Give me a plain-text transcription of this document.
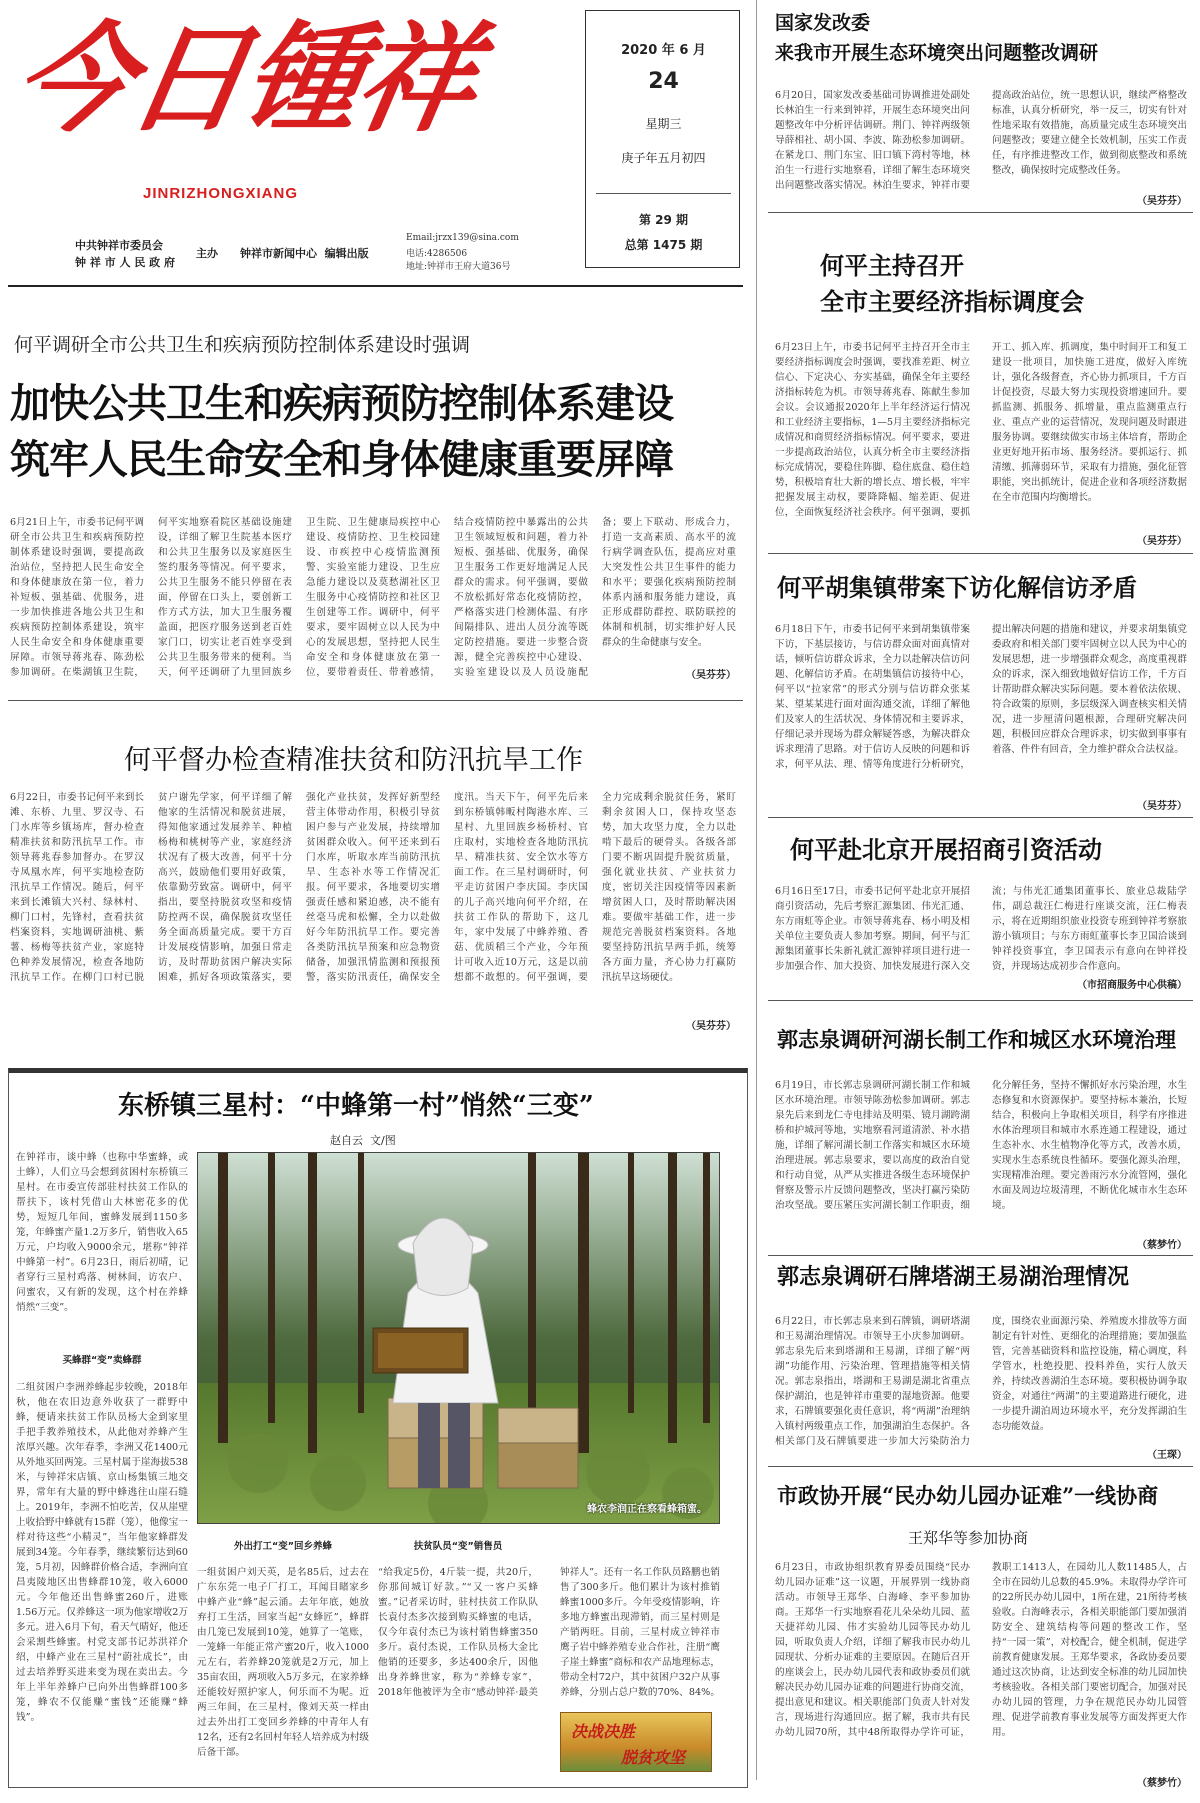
今日锺祥
JINRIZHONGXIANG
中共钟祥市委员会
钟 祥 市 人 民 政 府
主办 钟祥市新闻中心  编辑出版
Email:jrzx139@sina.com
电话:4286506
地址:钟祥市王府大道36号
2020 年 6 月
24
星期三
庚子年五月初四
第 29 期
总第 1475 期
何平调研全市公共卫生和疾病预防控制体系建设时强调
加快公共卫生和疾病预防控制体系建设
筑牢人民生命安全和身体健康重要屏障
6月21日上午，市委书记何平调研全市公共卫生和疾病预防控制体系建设时强调，要提高政治站位，坚持把人民生命安全和身体健康放在第一位，着力补短板、强基础、优服务，进一步加快推进各地公共卫生和疾病预防控制体系建设，筑牢人民生命安全和身体健康重要屏障。市领导蒋兆春、陈劲松参加调研。在柴湖镇卫生院，何平实地察看院区基础设施建设，详细了解卫生院基本医疗和公共卫生服务以及家庭医生签约服务等情况。何平要求，公共卫生服务不能只停留在表面，停留在口头上，要创新工作方式方法，加大卫生服务覆盖面，把医疗服务送到老百姓家门口，切实让老百姓享受到公共卫生服务带来的便利。当天，何平还调研了九里回族乡卫生院、卫生健康局疾控中心建设、疫情防控、卫生校园建设、市疾控中心疫情监测预警、实验室能力建设、卫生应急能力建设以及莫愁湖社区卫生服务中心疫情防控和社区卫生创建等工作。调研中，何平要求，要牢固树立以人民为中心的发展思想，坚持把人民生命安全和身体健康放在第一位，要带着责任、带着感情，结合疫情防控中暴露出的公共卫生领域短板和问题，着力补短板、强基础、优服务，确保卫生服务工作更好地满足人民群众的需求。何平强调，要做不放松抓好常态化疫情防控，严格落实进门检测体温、有序间隔排队、进出人员分流等既定防控措施。要进一步整合资源，健全完善疾控中心建设、实验室建设以及人员设施配备；要上下联动、形成合力，打造一支高素质、高水平的流行病学调查队伍，提高应对重大突发性公共卫生事件的能力和水平；要强化疾病预防控制体系内涵和服务能力建设，真正形成群防群控、联防联控的体制和机制，切实维护好人民群众的生命健康与安全。
（吴芬芬）
何平督办检查精准扶贫和防汛抗旱工作
6月22日，市委书记何平来到长滩、东桥、九里、罗汉寺、石门水库等乡镇场库，督办检查精准扶贫和防汛抗旱工作。市领导蒋兆春参加督办。在罗汉寺凤凰水库，何平实地检查防汛抗旱工作情况。随后，何平来到长滩镇大兴村、绿林村、柳门口村，先锋村，查看扶贫档案资料，实地调研油桃、紫薯、杨梅等扶贫产业，家庭特色种养发展情况，检查各地防汛抗旱工作。在柳门口村已脱贫户谢先学家，何平详细了解他家的生活情况和脱贫进展，得知他家通过发展养羊、种植杨梅和桃树等产业，家庭经济状况有了极大改善，何平十分高兴，鼓励他们要用好政策，依靠勤劳致富。调研中，何平指出，要坚持脱贫攻坚和疫情防控两不误，确保脱贫攻坚任务全面高质量完成。要干方百计发展疫情影响，加强日常走访，及时帮助贫困户解决实际困难，抓好各项政策落实，要强化产业扶贫，发挥好新型经营主体带动作用，积极引导贫困户参与产业发展，持续增加贫困群众收入。何平还来到石门水库，听取水库当前防汛抗旱、生态补水等工作情况汇报。何平要求，各地要切实增强责任感和紧迫感，决不能有丝毫马虎和松懈，全力以赴做好今年防汛抗旱工作。要完善各类防汛抗旱预案和应急物资储备，加强汛情监测和预报预警，落实防汛责任，确保安全度汛。当天下午，何平先后来到东桥镇韩畈村陶港水库、三星村、九里回族乡杨桥村、官庄取村，实地检查各地防汛抗旱、精准扶贫、安全饮水等方面工作。在三星村调研时，何平走访贫困户李庆国。李庆国的儿子高兴地向何平介绍，在扶贫工作队的帮助下，这几年，家中发展了中蜂养殖、香菇、优质稻三个产业，今年预计可收入近10万元，这是以前想都不敢想的。何平强调，要全力完成剩余脱贫任务，紧盯剩余贫困人口，保持攻坚态势，加大攻坚力度，全力以赴啃下最后的硬骨头。各级各部门要不断巩固提升脱贫质量，强化就业扶贫、产业扶贫力度，密切关注因疫情等因素新增贫困人口，及时帮助解决困难。要做牢基础工作，进一步规范完善脱贫档案资料。各地要坚持防汛抗旱两手抓，统筹各方面力量，齐心协力打赢防汛抗旱这场硬仗。
（吴芬芬）
东桥镇三星村：“中蜂第一村”悄然“三变”
赵自云  文/图
在钟祥市，谈中蜂（也称中华蜜蜂，或土蜂），人们立马会想到贫困村东桥镇三星村。在市委宣传部驻村扶贫工作队的帮扶下，该村凭借山大林密花多的优势，短短几年间，蜜蜂发展到1150多笼，年蜂蜜产量1.2万多斤，销售收入65万元，户均收入9000余元，堪称“钟祥中蜂第一村”。6月23日，雨后初晴，记者穿行三星村鸡落、树林间，访农户、问蜜农，又有新的发现，这个村在养蜂悄然“三变”。
买蜂群“变”卖蜂群
二组贫困户李洲养蜂起步较晚，2018年秋，他在农旧边意外收获了一群野中蜂，便请来扶贫工作队员杨大金到家里手把手教养殖技术，从此他对养蜂产生浓厚兴趣。次年春季，李洲又花1400元从外地买回两笼。三星村属于崖海拔538米，与钟祥宋店镇、京山杨集镇三地交界，常年有大量的野中蜂逃往山崖石缝上。2019年，李洲不怕吃苦，仅从崖壁上收拾野中蜂就有15群（笼），他像宝一样对待这些“小精灵”，当年他家蜂群发展到34笼。今年春季，继续繁衍达到60笼，5月初，因蜂群价格合适，李洲向宜昌夷陵地区出售蜂群10笼，收入6000元。今年他还出售蜂蜜260斤，进账1.56万元。仅养蜂这一项为他家增收2万多元。进入6月下旬，看天气晴好，他还会采割些蜂蜜。村党支部书记苏洪祥介绍，中蜂产业在三星村“蔚社成长”，由过去培养野买进来变为现在卖出去。今年上半年养蜂户已向外出售蜂群100多笼，蜂农不仅能赚“蜜钱”还能赚“蜂钱”。
蜂农李润正在察看蜂箱蜜。
外出打工“变”回乡养蜂
一组贫困户刘天英，是名85后，过去在广东东莞一电子厂打工，耳闻目睹家乡中蜂产业“蜂”起云涌。去年年底，她放弃打工生活，回家当起“女蜂匠”，蜂群由几笼已发展到10笼，她算了一笔账，一笼蜂一年能正常产蜜20斤，收入1000元左右，若养蜂20笼就是2万元，加上35亩农田，两项收入5万多元，在家养蜂还能较好照护家人，何乐而不为呢。近两三年间，在三星村，像刘天英一样由过去外出打工变回乡养蜂的中青年人有12名，还有2名回村年轻人培养成为村级后备干部。
扶贫队员“变”销售员
“给我定5份，4斤装一提，共20斤，你那间城订好款。”“又一客户买蜂蜜。”记者采访时，驻村扶贫工作队队长袁付杰多次接到购买蜂蜜的电话，仅今年袁付杰已为该村销售蜂蜜350多斤。袁付杰说，工作队员杨大金比他销的还要多，多达400余斤，因他出身养蜂世家，称为“养蜂专家”，2018年他被评为全市“感动钟祥·最美钟祥人”。还有一名工作队员路鹏也销售了300多斤。他们累计为该村推销蜂蜜1000多斤。今年受疫情影响，许多地方蜂蜜出现滞销，而三星村则是产销两旺。目前，三星村成立钟祥市鹰子岩中蜂养殖专业合作社，注册“鹰子崖土蜂蜜”商标和农产品地理标志，带动全村72户，其中贫困户32户从事养蜂，分别占总户数的70%、84%。
决战决胜
脱贫攻坚
国家发改委
来我市开展生态环境突出问题整改调研
6月20日，国家发改委基础司协调推进处副处长林泊生一行来到钟祥，开展生态环境突出问题整改年中分析评估调研。荆门、钟祥两级领导薛相社、胡小国、李波、陈劲松参加调研。在紧龙口、荆门东宝、旧口镇下湾村等地，林泊生一行进行实地察看，详细了解生态环境突出问题整改落实情况。林泊生要求，钟祥市要提高政治站位，统一思想认识，继续严格整改标准，认真分析研究，举一反三，切实有针对性地采取有效措施，高质量完成生态环境突出问题整改；要建立健全长效机制，压实工作责任，有序推进整改工作，做到彻底整改和系统整改，确保按时完成整改任务。
（吴芬芬）
何平主持召开
全市主要经济指标调度会
6月23日上午，市委书记何平主持召开全市主要经济指标调度会时强调，要找准差距、树立信心、下定决心、夯实基础，确保全年主要经济指标转危为机。市领导蒋兆春、陈献生参加会议。会议通报2020年上半年经济运行情况和工业经济主要指标，1—5月主要经济指标完成情况和商贸经济指标情况。何平要求，要进一步提高政治站位，认真分析全市主要经济指标完成情况，要稳住阵脚、稳住底盘、稳住趋势，积极培育壮大新的增长点、增长极，牢牢把握发展主动权，要降降幅、缩差距、促进位，全面恢复经济社会秩序。何平强调，要抓开工、抓入库、抓调度，集中时间开工和复工建设一批项目，加快施工进度，做好入库统计，强化各级督查，齐心协力抓项目，千方百计促投资，尽最大努力实现投资增速回升。要抓监测、抓服务、抓增量，重点监测重点行业、重点产业的运营情况，发现问题及时跟进服务协调。要继续做实市场主体培育，帮助企业更好地开拓市场、服务经济。要抓运行、抓清缴、抓薄弱环节，采取有力措施，强化征管职能，突出抓统计，促进企业和各项经济数据在全市范围内均衡增长。
（吴芬芬）
何平胡集镇带案下访化解信访矛盾
6月18日下午，市委书记何平来到胡集镇带案下访，下基层接访，与信访群众面对面真情对话，倾听信访群众诉求，全力以赴解决信访问题、化解信访矛盾。在胡集镇信访接待中心，何平以“拉家常”的形式分别与信访群众张某某、望某某进行面对面沟通交流，详细了解他们及家人的生活状况、身体情况和主要诉求，仔细记录并现场为群众解疑答惑，为解决群众诉求理清了思路。对于信访人反映的问题和诉求，何平从法、理、情等角度进行分析研究，提出解决问题的措施和建议，并要求胡集镇党委政府和相关部门要牢固树立以人民为中心的发展思想，进一步增强群众观念，高度重视群众的诉求，深入细致地做好信访工作，千方百计帮助群众解决实际问题。要本着依法依规、符合政策的原则，多层级深入调查核实相关情况，进一步厘清问题根源，合理研究解决问题，积极回应群众合理诉求，切实做到事事有着落、件件有回音，全力维护群众合法权益。
（吴芬芬）
何平赴北京开展招商引资活动
6月16日至17日，市委书记何平赴北京开展招商引资活动，先后考察汇源集团、伟光汇通、东方雨虹等企业。市领导蒋兆春、杨小明及相关单位主要负责人参加考察。期间，何平与汇源集团董事长朱新礼就汇源钟祥项目进行进一步加强合作、加大投资、加快发展进行深入交流；与伟光汇通集团董事长、旅业总裁陆学伟，副总裁汪仁梅进行座谈交流，汪仁梅表示，将在近期组织旅业投资专班到钟祥考察旅游小镇项目；与东方雨虹董事长李卫国洽谈到钟祥投资事宜，李卫国表示有意向在钟祥投资，并现场达成初步合作意向。
（市招商服务中心供稿）
郭志泉调研河湖长制工作和城区水环境治理
6月19日，市长郭志泉调研河湖长制工作和城区水环境治理。市领导陈劲松参加调研。郭志泉先后来到龙仁寺电排站及明渠、镜月湖跨湖桥和护城河等地，实地察看河道清淤、补水措施，详细了解河湖长制工作落实和城区水环境治理进展。郭志泉要求，要以高度的政治自觉和行动自觉，从严从实推进各级生态环境保护督察及警示片反馈问题整改，坚决打赢污染防治攻坚战。要压紧压实河湖长制工作职责，细化分解任务，坚持不懈抓好水污染治理，水生态修复和水资源保护。要坚持标本兼治，长短结合，积极向上争取相关项目，科学有序推进水体治理项目和城市水系连通工程建设，通过生态补水、水生植物净化等方式，改善水质，实现水生态系统良性循环。要强化源头治理，实现精准治理。要完善雨污水分流管网，强化水面及周边垃圾清理，不断优化城市水生态环境。
（蔡梦竹）
郭志泉调研石牌塔湖王易湖治理情况
6月22日，市长郭志泉来到石牌镇，调研塔湖和王易湖治理情况。市领导王小庆参加调研。郭志泉先后来到塔湖和王易湖，详细了解“两湖”功能作用、污染治理、管理措施等相关情况。郭志泉指出，塔湖和王易湖是湖北省重点保护湖泊，也是钟祥市重要的湿地资源。他要求，石牌镇要强化责任意识，将“两湖”治理纳入镇村两级重点工作，加强湖泊生态保护。各相关部门及石牌镇要进一步加大污染防治力度，围绕农业面源污染、养殖废水排放等方面制定有针对性、更细化的治理措施；要加强监管，完善基础资料和监控设施，精心调度，科学管水，杜绝投肥、投料养鱼，实行人放天养，持续改善湖泊生态环境。要积极协调争取资金，对通往“两湖”的主要道路进行硬化，进一步提升湖泊周边环境水平，充分发挥湖泊生态功能效益。
（王琛）
市政协开展“民办幼儿园办证难”一线协商
王郑华等参加协商
6月23日，市政协组织教育界委员围绕“民办幼儿园办证难”这一议题，开展界别一线协商活动。市领导王郑华、白海峰、李平参加协商。王郑华一行实地察看花儿朵朵幼儿园、蓝天捷祥幼儿园、伟才实验幼儿园等民办幼儿园，听取负责人介绍，详细了解我市民办幼儿园现状、分析办证难的主要原因。在随后召开的座谈会上，民办幼儿园代表和政协委员们就解决民办幼儿园办证难的问题进行协商交流，提出意见和建议。相关职能部门负责人针对发言，现场进行沟通回应。据了解，我市共有民办幼儿园70所，其中48所取得办学许可证，教职工1413人，在园幼儿人数11485人，占全市在园幼儿总数的45.9%。未取得办学许可的22所民办幼儿园中，1所在建，21所待考核验收。白海峰表示，各相关职能部门要加强消防安全、建筑结构等问题的整改工作，坚持“一园一策”，对校配合，健全机制，促进学前教育健康发展。王郑华要求，各政协委员要通过这次协商，让达到安全标准的幼儿园加快考核验收。各相关部门要密切配合，加强对民办幼儿园的管理，力争在规范民办幼儿园管理、促进学前教育事业发展等方面发挥更大作用。
（蔡梦竹）
